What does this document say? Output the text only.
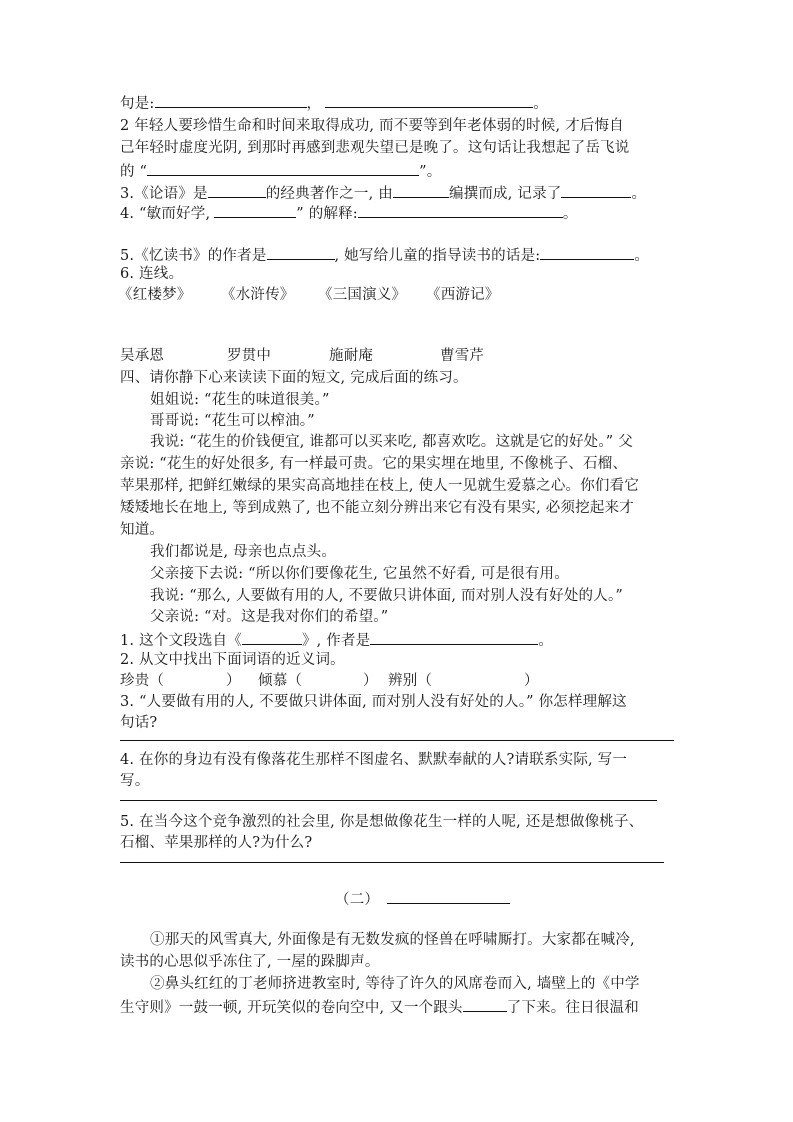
句是:	，	。
2 年轻人要珍惜生命和时间来取得成功, 而不要等到年老体弱的时候, 才后悔自
己年轻时虚度光阴, 到那时再感到悲观失望已是晚了。这句话让我想起了岳飞说
的 “	”。
3.《论语》是	的经典著作之一, 由	编撰而成, 记录了	。
4. “敏而好学,	” 的解释:	。
5.《忆读书》的作者是	, 她写给儿童的指导读书的话是:	。
6. 连线。
《红楼梦》 《水浒传》 《三国演义》 《西游记》
吴承恩	罗贯中	施耐庵	曹雪芹
四、请你静下心来读读下面的短文, 完成后面的练习。
姐姐说: “花生的味道很美。”
哥哥说: “花生可以榨油。”
我说: “花生的价钱便宜, 谁都可以买来吃, 都喜欢吃。这就是它的好处。” 父
亲说: “花生的好处很多, 有一样最可贵。它的果实埋在地里, 不像桃子、石榴、
苹果那样, 把鲜红嫩绿的果实高高地挂在枝上, 使人一见就生爱慕之心。你们看它
矮矮地长在地上, 等到成熟了, 也不能立刻分辨出来它有没有果实, 必须挖起来才
知道。
我们都说是, 母亲也点点头。
父亲接下去说: “所以你们要像花生, 它虽然不好看, 可是很有用。
我说: “那么, 人要做有用的人, 不要做只讲体面, 而对别人没有好处的人。”
父亲说: “对。这是我对你们的希望。”
1. 这个文段选自《	》, 作者是	。
2. 从文中找出下面词语的近义词。
珍贵（	） 倾慕（	） 辨别（	）
3. “人要做有用的人, 不要做只讲体面, 而对别人没有好处的人。” 你怎样理解这
句话?
4. 在你的身边有没有像落花生那样不图虚名、默默奉献的人?请联系实际, 写一
写。
5. 在当今这个竞争激烈的社会里, 你是想做像花生一样的人呢, 还是想做像桃子、
石榴、苹果那样的人?为什么?
（二）
①那天的风雪真大, 外面像是有无数发疯的怪兽在呼啸厮打。大家都在喊冷,
读书的心思似乎冻住了, 一屋的跺脚声。
②鼻头红红的丁老师挤进教室时, 等待了许久的风席卷而入, 墙壁上的《中学
生守则》一鼓一顿, 开玩笑似的卷向空中, 又一个跟头	了下来。往日很温和
